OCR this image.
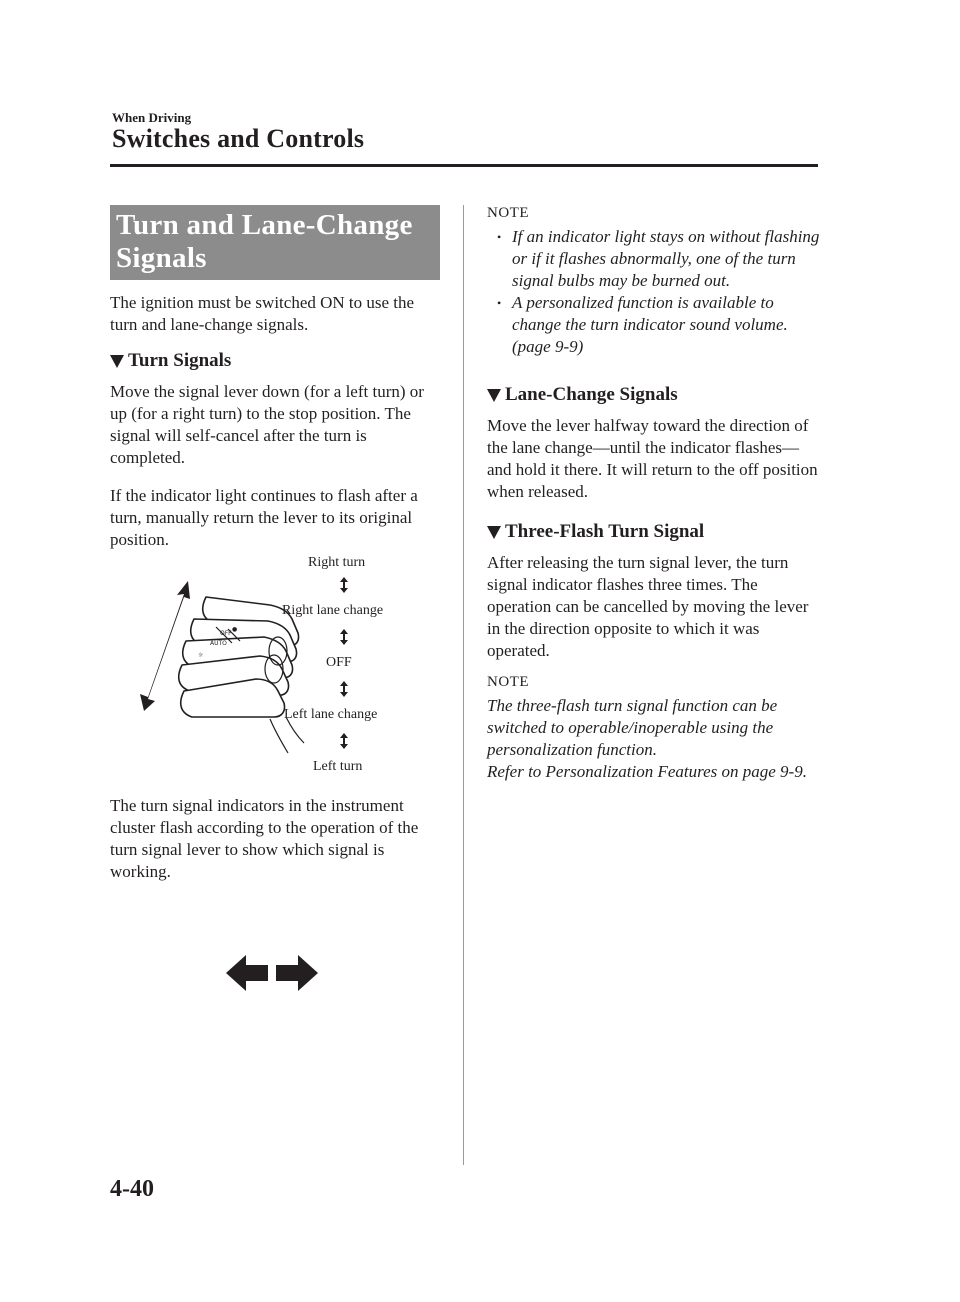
When Driving
Switches and Controls
Turn and Lane-Change
Signals

The ignition must be switched ON to use the turn and lane-change signals.

Turn Signals

Move the signal lever down (for a left turn) or up (for a right turn) to the stop position. The signal will self-cancel after the turn is completed.

If the indicator light continues to flash after a turn, manually return the lever to its original position.

AUTO
OFF
●
☼
Right turn
Right lane change
OFF
Left lane change
Left turn

The turn signal indicators in the instrument cluster flash according to the operation of the turn signal lever to show which signal is working.

NOTE
• If an indicator light stays on without flashing or if it flashes abnormally, one of the turn signal bulbs may be burned out.
• A personalized function is available to change the turn indicator sound volume. (page 9-9)
Lane-Change Signals

Move the lever halfway toward the direction of the lane change—until the indicator flashes— and hold it there. It will return to the off position when released.

Three-Flash Turn Signal

After releasing the turn signal lever, the turn signal indicator flashes three times. The operation can be cancelled by moving the lever in the direction opposite to which it was operated.

NOTE

The three-flash turn signal function can be switched to operable/inoperable using the personalization function.

Refer to Personalization Features on page 9-9.

4-40
